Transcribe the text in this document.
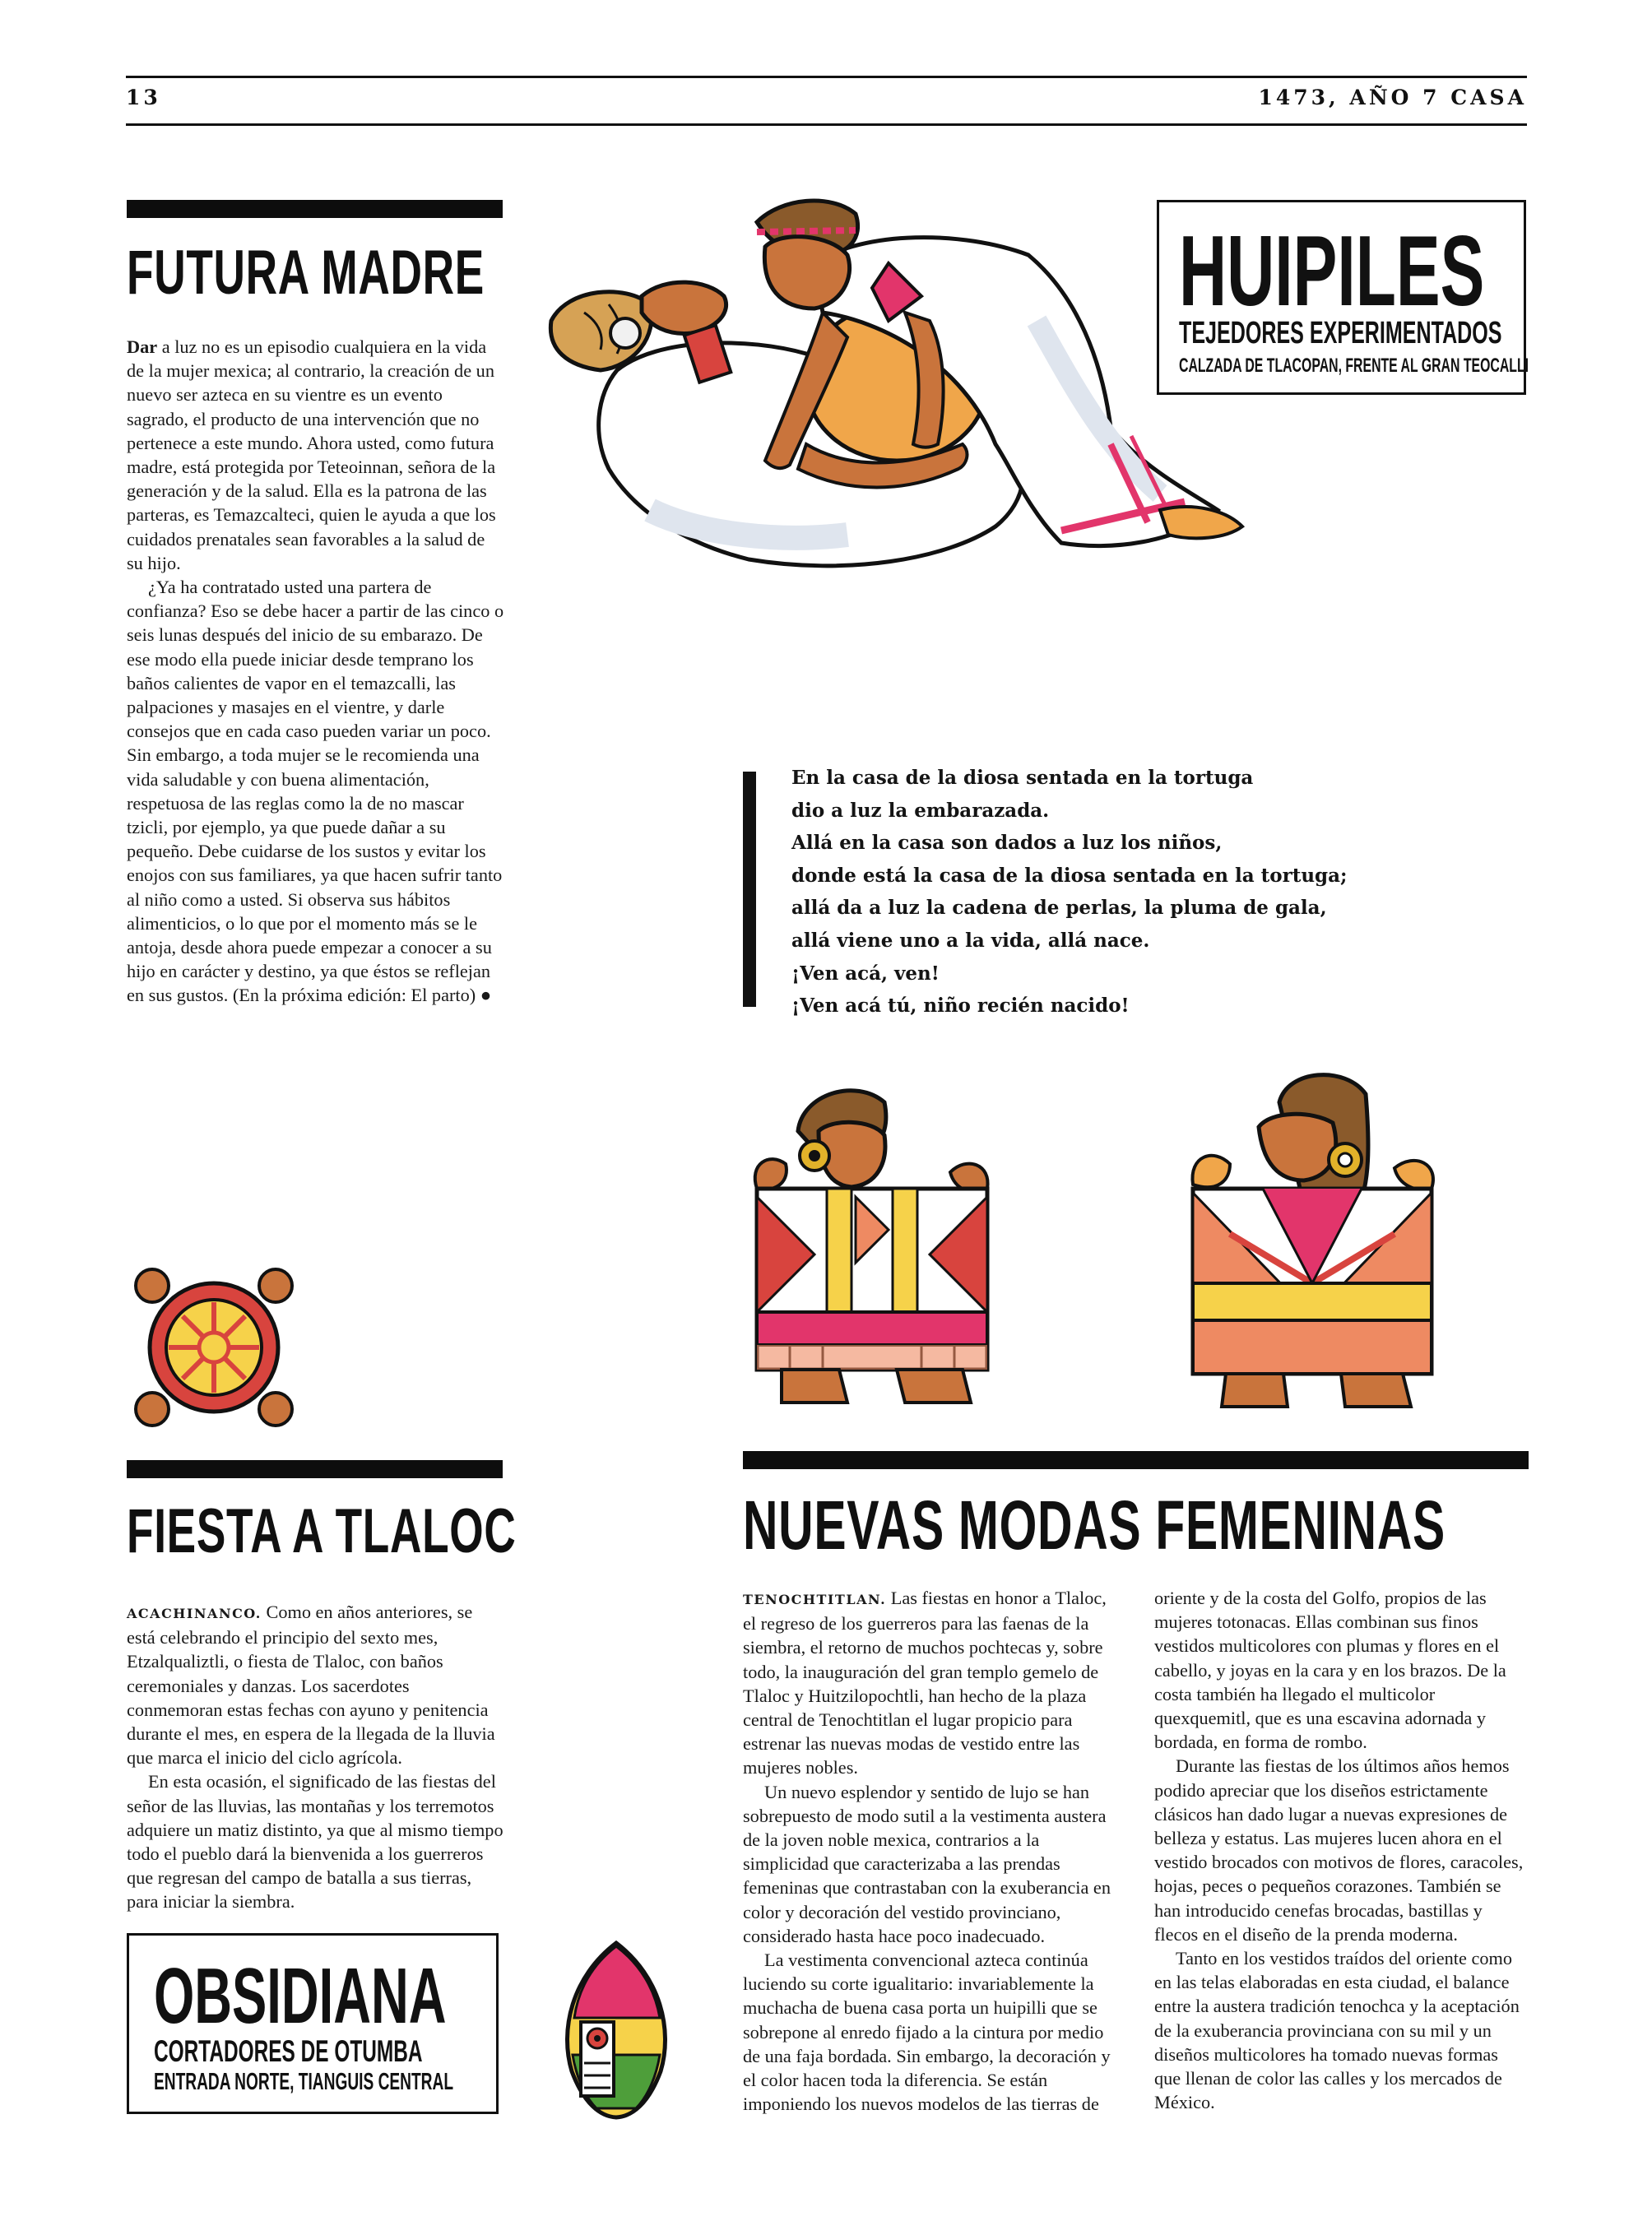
13	1473, AÑO 7 CASA
FUTURA MADRE

Dar a luz no es un episodio cualquiera en la vida de la mujer mexica; al contrario, la creación de un nuevo ser azteca en su vientre es un evento sagrado, el producto de una intervención que no pertenece a este mundo. Ahora usted, como futura madre, está protegida por Teteoinnan, señora de la generación y de la salud. Ella es la patrona de las parteras, es Temazcalteci, quien le ayuda a que los cuidados prenatales sean favorables a la salud de su hijo.

¿Ya ha contratado usted una partera de confianza? Eso se debe hacer a partir de las cinco o seis lunas después del inicio de su embarazo. De ese modo ella puede iniciar desde temprano los baños calientes de vapor en el temazcalli, las palpaciones y masajes en el vientre, y darle consejos que en cada caso pueden variar un poco. Sin embargo, a toda mujer se le recomienda una vida saludable y con buena alimentación, respetuosa de las reglas como la de no mascar tzicli, por ejemplo, ya que puede dañar a su pequeño. Debe cuidarse de los sustos y evitar los enojos con sus familiares, ya que hacen sufrir tanto al niño como a usted. Si observa sus hábitos alimenticios, o lo que por el momento más se le antoja, desde ahora puede empezar a conocer a su hijo en carácter y destino, ya que éstos se reflejan en sus gustos. (En la próxima edición: El parto) ●

HUIPILES
TEJEDORES EXPERIMENTADOS
CALZADA DE TLACOPAN, FRENTE AL GRAN TEOCALLI
En la casa de la diosa sentada en la tortuga
dio a luz la embarazada.
Allá en la casa son dados a luz los niños,
donde está la casa de la diosa sentada en la tortuga;
allá da a luz la cadena de perlas, la pluma de gala,
allá viene uno a la vida, allá nace.
¡Ven acá, ven!
¡Ven acá tú, niño recién nacido!
FIESTA A TLALOC

ACACHINANCO. Como en años anteriores, se está celebrando el principio del sexto mes, Etzalqualiztli, o fiesta de Tlaloc, con baños ceremoniales y danzas. Los sacerdotes conmemoran estas fechas con ayuno y penitencia durante el mes, en espera de la llegada de la lluvia que marca el inicio del ciclo agrícola.

En esta ocasión, el significado de las fiestas del señor de las lluvias, las montañas y los terremotos adquiere un matiz distinto, ya que al mismo tiempo todo el pueblo dará la bienvenida a los guerreros que regresan del campo de batalla a sus tierras, para iniciar la siembra.

OBSIDIANA
CORTADORES DE OTUMBA
ENTRADA NORTE, TIANGUIS CENTRAL
NUEVAS MODAS FEMENINAS

TENOCHTITLAN. Las fiestas en honor a Tlaloc, el regreso de los guerreros para las faenas de la siembra, el retorno de muchos pochtecas y, sobre todo, la inauguración del gran templo gemelo de Tlaloc y Huitzilopochtli, han hecho de la plaza central de Tenochtitlan el lugar propicio para estrenar las nuevas modas de vestido entre las mujeres nobles.

Un nuevo esplendor y sentido de lujo se han sobrepuesto de modo sutil a la vestimenta austera de la joven noble mexica, contrarios a la simplicidad que caracterizaba a las prendas femeninas que contrastaban con la exuberancia en color y decoración del vestido provinciano, considerado hasta hace poco inadecuado.

La vestimenta convencional azteca continúa luciendo su corte igualitario: invariablemente la muchacha de buena casa porta un huipilli que se sobrepone al enredo fijado a la cintura por medio de una faja bordada. Sin embargo, la decoración y el color hacen toda la diferencia. Se están imponiendo los nuevos modelos de las tierras de

oriente y de la costa del Golfo, propios de las mujeres totonacas. Ellas combinan sus finos vestidos multicolores con plumas y flores en el cabello, y joyas en la cara y en los brazos. De la costa también ha llegado el multicolor quexquemitl, que es una escavina adornada y bordada, en forma de rombo.

Durante las fiestas de los últimos años hemos podido apreciar que los diseños estrictamente clásicos han dado lugar a nuevas expresiones de belleza y estatus. Las mujeres lucen ahora en el vestido brocados con motivos de flores, caracoles, hojas, peces o pequeños corazones. También se han introducido cenefas brocadas, bastillas y flecos en el diseño de la prenda moderna.

Tanto en los vestidos traídos del oriente como en las telas elaboradas en esta ciudad, el balance entre la austera tradición tenochca y la aceptación de la exuberancia provinciana con su mil y un diseños multicolores ha tomado nuevas formas que llenan de color las calles y los mercados de México.
